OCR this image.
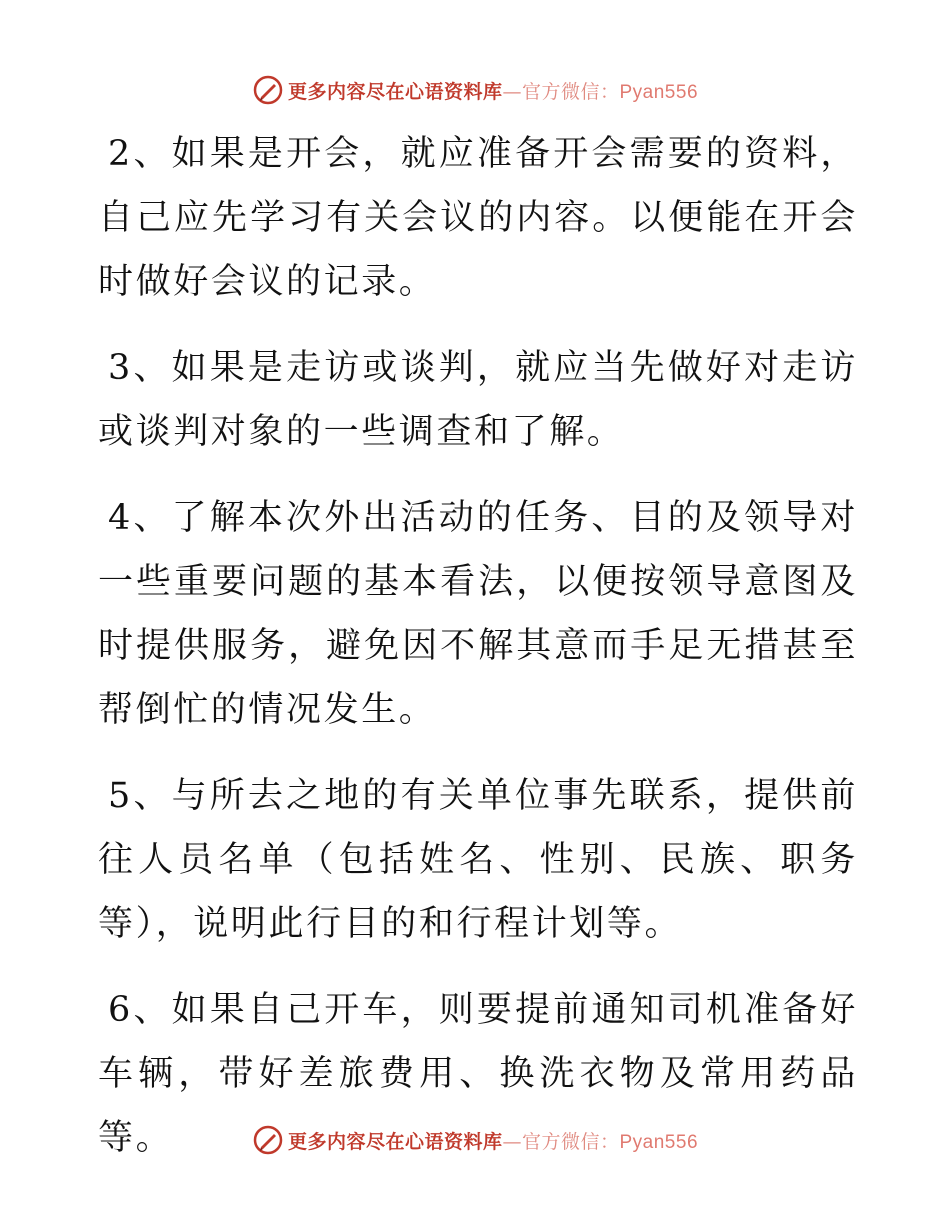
更多内容尽在心语资料库—官方微信：Pyan556

2、如果是开会，就应准备开会需要的资料，自己应先学习有关会议的内容。以便能在开会时做好会议的记录。

3、如果是走访或谈判，就应当先做好对走访或谈判对象的一些调查和了解。

4、了解本次外出活动的任务、目的及领导对一些重要问题的基本看法，以便按领导意图及时提供服务，避免因不解其意而手足无措甚至帮倒忙的情况发生。

5、与所去之地的有关单位事先联系，提供前往人员名单（包括姓名、性别、民族、职务等），说明此行目的和行程计划等。

6、如果自己开车，则要提前通知司机准备好车辆，带好差旅费用、换洗衣物及常用药品等。	更多内容尽在心语资料库—官方微信：Pyan556
